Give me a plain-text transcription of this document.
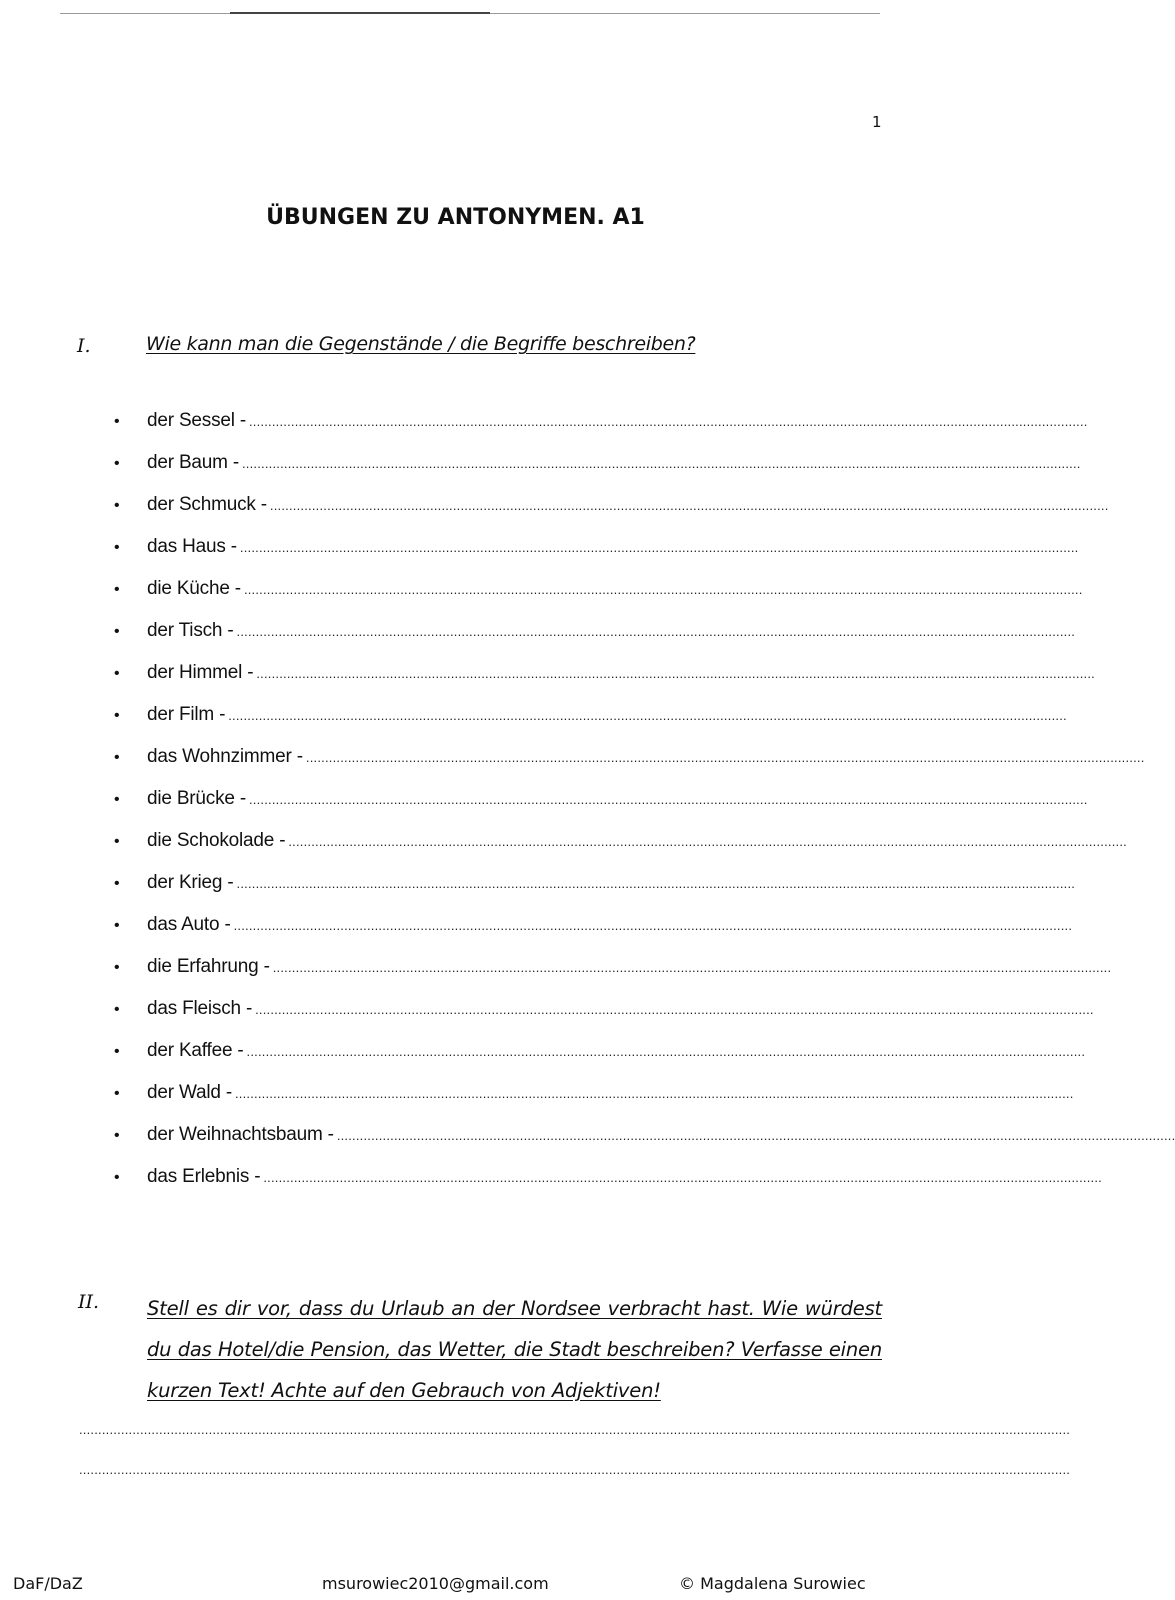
1
ÜBUNGEN ZU ANTONYMEN. A1
I.	Wie kann man die Gegenstände / die Begriffe beschreiben?
•	der Sessel - ............................................................................................................................................................................................................................
•	der Baum - ............................................................................................................................................................................................................................
•	der Schmuck - ............................................................................................................................................................................................................................
•	das Haus - ............................................................................................................................................................................................................................
•	die Küche - ............................................................................................................................................................................................................................
•	der Tisch - ............................................................................................................................................................................................................................
•	der Himmel - ............................................................................................................................................................................................................................
•	der Film - ............................................................................................................................................................................................................................
•	das Wohnzimmer - ............................................................................................................................................................................................................................
•	die Brücke - ............................................................................................................................................................................................................................
•	die Schokolade - ............................................................................................................................................................................................................................
•	der Krieg - ............................................................................................................................................................................................................................
•	das Auto - ............................................................................................................................................................................................................................
•	die Erfahrung - ............................................................................................................................................................................................................................
•	das Fleisch - ............................................................................................................................................................................................................................
•	der Kaffee - ............................................................................................................................................................................................................................
•	der Wald - ............................................................................................................................................................................................................................
•	der Weihnachtsbaum - ............................................................................................................................................................................................................................
•	das Erlebnis - ............................................................................................................................................................................................................................
II. Stell es dir vor, dass du Urlaub an der Nordsee verbracht hast. Wie würdest du das Hotel/die Pension, das Wetter, die Stadt beschreiben? Verfasse einen kurzen Text! Achte auf den Gebrauch von Adjektiven!
....................................................................................................................................................................................................................................................................
....................................................................................................................................................................................................................................................................
DaF/DaZ	msurowiec2010@gmail.com	© Magdalena Surowiec
